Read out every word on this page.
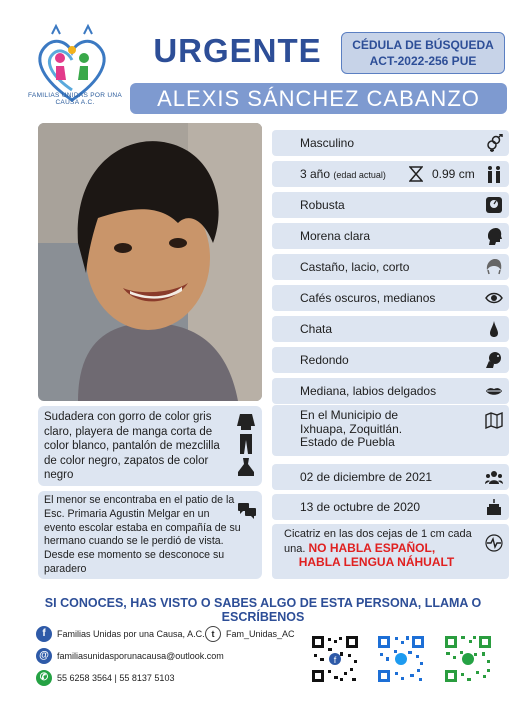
FAMILIAS UNIDAS POR UNA CAUSA A.C.
URGENTE	CÉDULA DE BÚSQUEDA
ACT-2022-256 PUE
ALEXIS SÁNCHEZ CABANZO
Masculino
3 año (edad actual)	0.99 cm
Robusta
Morena clara
Castaño, lacio, corto
Cafés oscuros, medianos
Chata
Redondo
Mediana, labios delgados
En el Municipio de
Ixhuapa, Zoquitlán.
Estado de Puebla
02 de diciembre de 2021
13 de octubre de 2020
Cicatriz en las dos cejas de 1 cm cada una. NO HABLA ESPAÑOL,
HABLA LENGUA NÁHUALT
Sudadera con gorro de color gris claro, playera de manga corta de color blanco, pantalón de mezclilla de color negro, zapatos de color negro
El menor se encontraba en el patio de la Esc. Primaria Agustin Melgar en un evento escolar estaba en compañía de su hermano cuando se le perdió de vista. Desde ese momento se desconoce su paradero
SI CONOCES, HAS VISTO O SABES ALGO DE ESTA PERSONA, LLAMA O ESCRÍBENOS
f	Familias Unidas por una Causa, A.C. t	Fam_Unidas_AC
@ familiasunidasporunacausa@outlook.com
✆ 55 6258 3564 | 55 8137 5103
f
